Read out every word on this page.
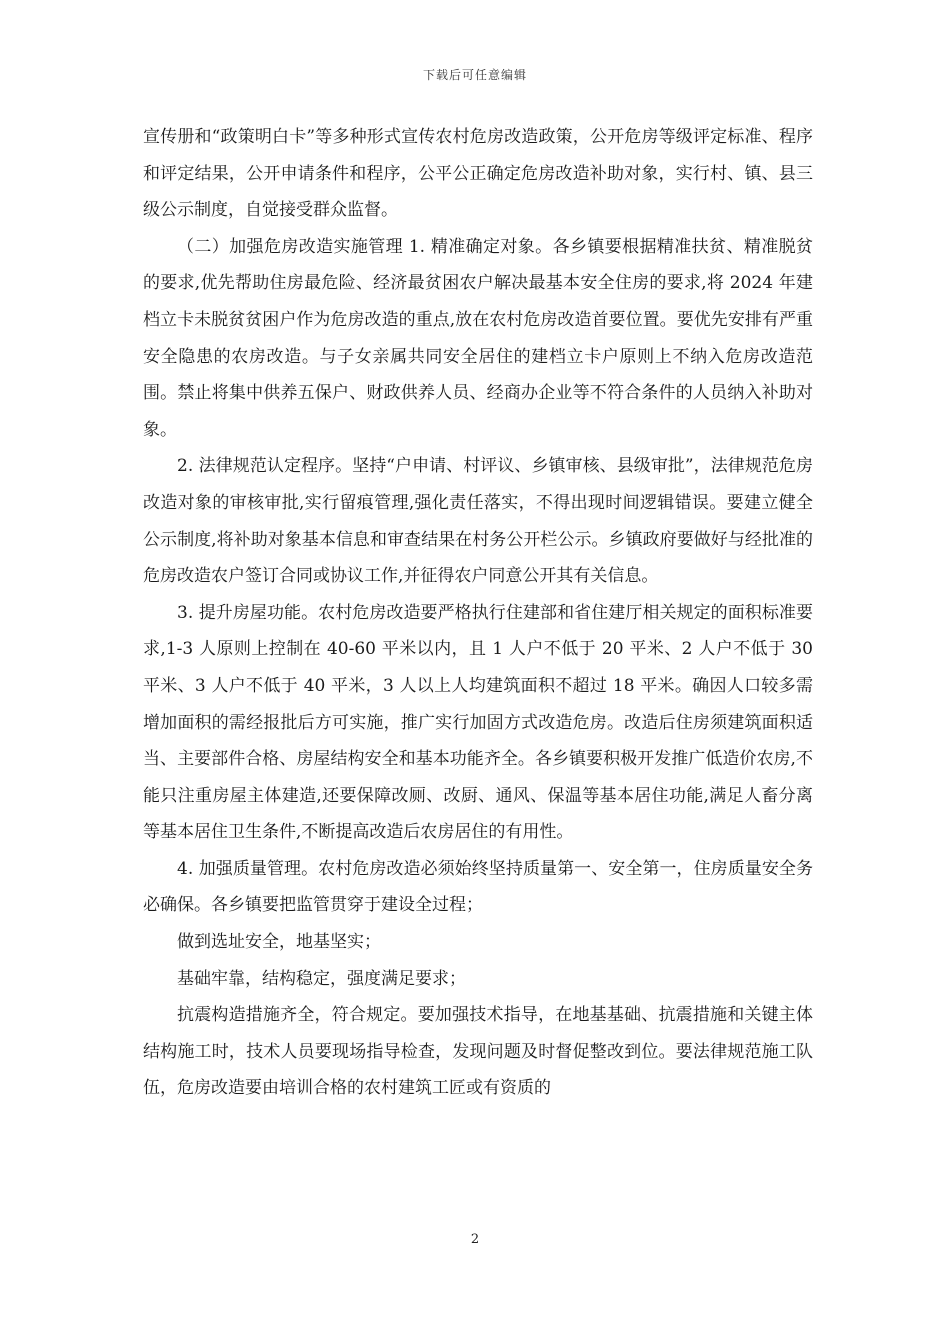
下载后可任意编辑

宣传册和“政策明白卡”等多种形式宣传农村危房改造政策，公开危房等级评定标准、程序和评定结果，公开申请条件和程序，公平公正确定危房改造补助对象，实行村、镇、县三级公示制度，自觉接受群众监督。

（二）加强危房改造实施管理 1. 精准确定对象。各乡镇要根据精准扶贫、精准脱贫的要求,优先帮助住房最危险、经济最贫困农户解决最基本安全住房的要求,将 2024 年建档立卡未脱贫贫困户作为危房改造的重点,放在农村危房改造首要位置。要优先安排有严重安全隐患的农房改造。与子女亲属共同安全居住的建档立卡户原则上不纳入危房改造范围。禁止将集中供养五保户、财政供养人员、经商办企业等不符合条件的人员纳入补助对象。

2. 法律规范认定程序。坚持“户申请、村评议、乡镇审核、县级审批”，法律规范危房改造对象的审核审批,实行留痕管理,强化责任落实，不得出现时间逻辑错误。要建立健全公示制度,将补助对象基本信息和审查结果在村务公开栏公示。乡镇政府要做好与经批准的危房改造农户签订合同或协议工作,并征得农户同意公开其有关信息。

3. 提升房屋功能。农村危房改造要严格执行住建部和省住建厅相关规定的面积标准要求,1-3 人原则上控制在 40-60 平米以内，且 1 人户不低于 20 平米、2 人户不低于 30 平米、3 人户不低于 40 平米，3 人以上人均建筑面积不超过 18 平米。确因人口较多需增加面积的需经报批后方可实施，推广实行加固方式改造危房。改造后住房须建筑面积适当、主要部件合格、房屋结构安全和基本功能齐全。各乡镇要积极开发推广低造价农房,不能只注重房屋主体建造,还要保障改厕、改厨、通风、保温等基本居住功能,满足人畜分离等基本居住卫生条件,不断提高改造后农房居住的有用性。

4. 加强质量管理。农村危房改造必须始终坚持质量第一、安全第一，住房质量安全务必确保。各乡镇要把监管贯穿于建设全过程；

做到选址安全，地基坚实；

基础牢靠，结构稳定，强度满足要求；

抗震构造措施齐全，符合规定。要加强技术指导，在地基基础、抗震措施和关键主体结构施工时，技术人员要现场指导检查，发现问题及时督促整改到位。要法律规范施工队伍，危房改造要由培训合格的农村建筑工匠或有资质的

2
